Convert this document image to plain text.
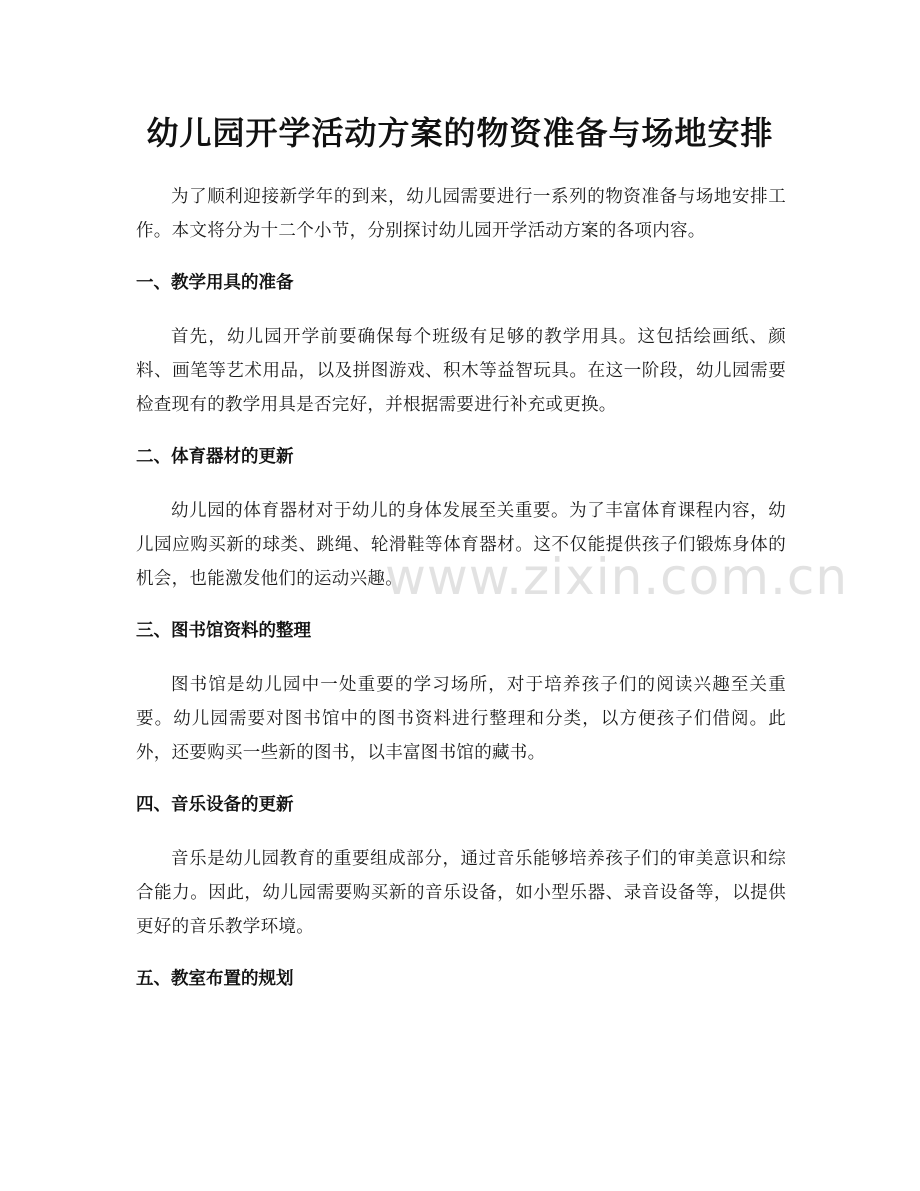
幼儿园开学活动方案的物资准备与场地安排

为了顺利迎接新学年的到来，幼儿园需要进行一系列的物资准备与场地安排工作。本文将分为十二个小节，分别探讨幼儿园开学活动方案的各项内容。

一、教学用具的准备

首先，幼儿园开学前要确保每个班级有足够的教学用具。这包括绘画纸、颜料、画笔等艺术用品，以及拼图游戏、积木等益智玩具。在这一阶段，幼儿园需要检查现有的教学用具是否完好，并根据需要进行补充或更换。

二、体育器材的更新

幼儿园的体育器材对于幼儿的身体发展至关重要。为了丰富体育课程内容，幼儿园应购买新的球类、跳绳、轮滑鞋等体育器材。这不仅能提供孩子们锻炼身体的机会，也能激发他们的运动兴趣。

三、图书馆资料的整理

图书馆是幼儿园中一处重要的学习场所，对于培养孩子们的阅读兴趣至关重要。幼儿园需要对图书馆中的图书资料进行整理和分类，以方便孩子们借阅。此外，还要购买一些新的图书，以丰富图书馆的藏书。

四、音乐设备的更新

音乐是幼儿园教育的重要组成部分，通过音乐能够培养孩子们的审美意识和综合能力。因此，幼儿园需要购买新的音乐设备，如小型乐器、录音设备等，以提供更好的音乐教学环境。

五、教室布置的规划
www.zixin.com.cn
